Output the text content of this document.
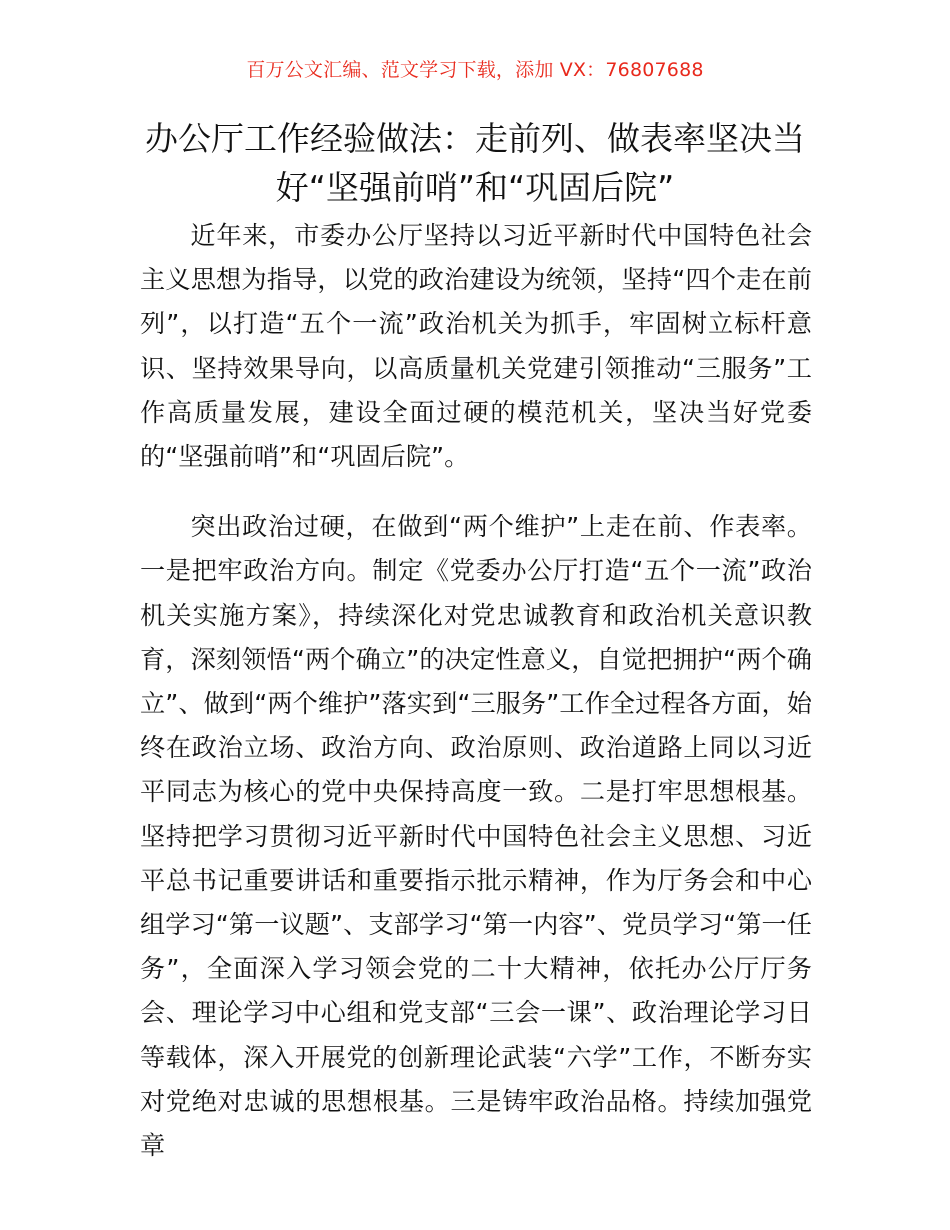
百万公文汇编、范文学习下载，添加 VX：76807688
办公厅工作经验做法：走前列、做表率坚决当
好“坚强前哨”和“巩固后院”

近年来，市委办公厅坚持以习近平新时代中国特色社会主义思想为指导，以党的政治建设为统领，坚持“四个走在前列”，以打造“五个一流”政治机关为抓手，牢固树立标杆意识、坚持效果导向，以高质量机关党建引领推动“三服务”工作高质量发展，建设全面过硬的模范机关，坚决当好党委的“坚强前哨”和“巩固后院”。

突出政治过硬，在做到“两个维护”上走在前、作表率。一是把牢政治方向。制定《党委办公厅打造“五个一流”政治机关实施方案》，持续深化对党忠诚教育和政治机关意识教育，深刻领悟“两个确立”的决定性意义，自觉把拥护“两个确立”、做到“两个维护”落实到“三服务”工作全过程各方面，始终在政治立场、政治方向、政治原则、政治道路上同以习近平同志为核心的党中央保持高度一致。二是打牢思想根基。坚持把学习贯彻习近平新时代中国特色社会主义思想、习近平总书记重要讲话和重要指示批示精神，作为厅务会和中心组学习“第一议题”、支部学习“第一内容”、党员学习“第一任务”，全面深入学习领会党的二十大精神，依托办公厅厅务会、理论学习中心组和党支部“三会一课”、政治理论学习日等载体，深入开展党的创新理论武装“六学”工作，不断夯实对党绝对忠诚的思想根基。三是铸牢政治品格。持续加强党章
